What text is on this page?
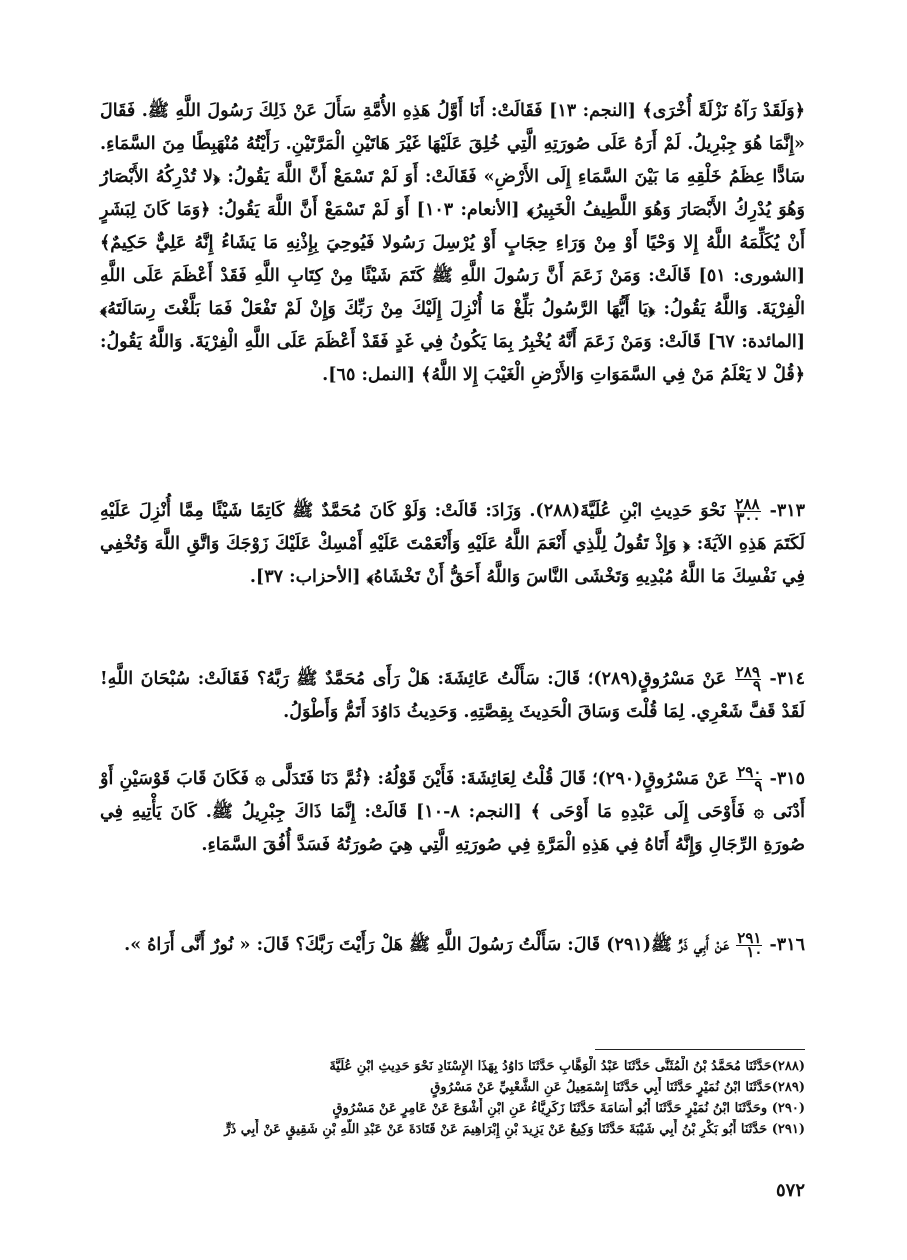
﴿وَلَقَدْ رَآهُ نَزْلَةً أُخْرَى﴾ [النجم: ١٣] فَقَالَتْ: أَنَا أَوَّلُ هَذِهِ الأُمَّةِ سَأَلَ عَنْ ذَلِكَ رَسُولَ اللَّهِ ﷺ. فَقَالَ «إِنَّمَا هُوَ جِبْرِيلُ. لَمْ أَرَهُ عَلَى صُورَتِهِ الَّتِي خُلِقَ عَلَيْهَا غَيْرَ هَاتَيْنِ الْمَرَّتَيْنِ. رَأَيْتُهُ مُنْهَبِطًا مِنَ السَّمَاءِ. سَادًّا عِظَمُ خَلْقِهِ مَا بَيْنَ السَّمَاءِ إِلَى الأَرْضِ» فَقَالَتْ: أَوَ لَمْ تَسْمَعْ أَنَّ اللَّهَ يَقُولُ: ﴿لا تُدْرِكُهُ الأَبْصَارُ وَهُوَ يُدْرِكُ الأَبْصَارَ وَهُوَ اللَّطِيفُ الْخَبِيرُ﴾ [الأنعام: ١٠٣] أَوَ لَمْ تَسْمَعْ أَنَّ اللَّهَ يَقُولُ: ﴿وَمَا كَانَ لِبَشَرٍ أَنْ يُكَلِّمَهُ اللَّهُ إِلا وَحْيًا أَوْ مِنْ وَرَاءِ حِجَابٍ أَوْ يُرْسِلَ رَسُولا فَيُوحِيَ بِإِذْنِهِ مَا يَشَاءُ إِنَّهُ عَلِيٌّ حَكِيمٌ﴾ [الشورى: ٥١] قَالَتْ: وَمَنْ زَعَمَ أَنَّ رَسُولَ اللَّهِ ﷺ كَتَمَ شَيْئًا مِنْ كِتَابِ اللَّهِ فَقَدْ أَعْظَمَ عَلَى اللَّهِ الْفِرْيَةَ. وَاللَّهُ يَقُولُ: ﴿يَا أَيُّهَا الرَّسُولُ بَلِّغْ مَا أُنْزِلَ إِلَيْكَ مِنْ رَبِّكَ وَإِنْ لَمْ تَفْعَلْ فَمَا بَلَّغْتَ رِسَالَتَهُ﴾ [المائدة: ٦٧] قَالَتْ: وَمَنْ زَعَمَ أَنَّهُ يُخْبِرُ بِمَا يَكُونُ فِي غَدٍ فَقَدْ أَعْظَمَ عَلَى اللَّهِ الْفِرْيَةَ. وَاللَّهُ يَقُولُ: ﴿قُلْ لا يَعْلَمُ مَنْ فِي السَّمَوَاتِ وَالأَرْضِ الْغَيْبَ إِلا اللَّهُ﴾ [النمل: ٦٥].

٣١٣-
$\frac{٢٨٨}{٣٠٠}$
نَحْوَ حَدِيثِ ابْنِ عُلَيَّةَ(٢٨٨). وَزَادَ: قَالَتْ: وَلَوْ كَانَ مُحَمَّدٌ ﷺ كَاتِمًا شَيْئًا مِمَّا أُنْزِلَ عَلَيْهِ لَكَتَمَ هَذِهِ الآيَةَ: ﴿ وَإِذْ تَقُولُ لِلَّذِي أَنْعَمَ اللَّهُ عَلَيْهِ وَأَنْعَمْتَ عَلَيْهِ أَمْسِكْ عَلَيْكَ زَوْجَكَ وَاتَّقِ اللَّهَ وَتُخْفِي فِي نَفْسِكَ مَا اللَّهُ مُبْدِيهِ وَتَخْشَى النَّاسَ وَاللَّهُ أَحَقُّ أَنْ تَخْشَاهُ﴾ [الأحزاب: ٣٧].

٣١٤-
$\frac{٢٨٩}{٩}$
عَنْ مَسْرُوقٍ(٢٨٩)؛ قَالَ: سَأَلْتُ عَائِشَةَ: هَلْ رَأَى مُحَمَّدٌ ﷺ رَبَّهُ؟ فَقَالَتْ: سُبْحَانَ اللَّهِ! لَقَدْ قَفَّ شَعْرِي. لِمَا قُلْتَ وَسَاقَ الْحَدِيثَ بِقِصَّتِهِ. وَحَدِيثُ دَاوُدَ أَتَمُّ وَأَطْوَلُ.

٣١٥-
$\frac{٢٩٠}{٩}$
عَنْ مَسْرُوقٍ(٢٩٠)؛ قَالَ قُلْتُ لِعَائِشَةَ: فَأَيْنَ قَوْلُهُ: ﴿ثُمَّ دَنَا فَتَدَلَّى ۞ فَكَانَ قَابَ قَوْسَيْنِ أَوْ أَدْنَى ۞ فَأَوْحَى إِلَى عَبْدِهِ مَا أَوْحَى ﴾ [النجم: ٨-١٠] قَالَتْ: إِنَّمَا ذَاكَ جِبْرِيلُ ﷺ. كَانَ يَأْتِيهِ فِي صُورَةِ الرِّجَالِ وَإِنَّهُ أَتَاهُ فِي هَذِهِ الْمَرَّةِ فِي صُورَتِهِ الَّتِي هِيَ صُورَتُهُ فَسَدَّ أُفُقَ السَّمَاءِ.

٣١٦-
$\frac{٢٩١}{١٠}$
عَنْ أَبِي ذَرٍّ ﷺ(٢٩١) قَالَ: سَأَلْتُ رَسُولَ اللَّهِ ﷺ هَلْ رَأَيْتَ رَبَّكَ؟ قَالَ: « نُورٌ أَنَّى أَرَاهُ ».

(٢٨٨)حَدَّثَنَا مُحَمَّدُ بْنُ الْمُثَنَّى حَدَّثَنَا عَبْدُ الْوَهَّابِ حَدَّثَنَا دَاوُدُ بِهَذَا الإِسْنَادِ نَحْوَ حَدِيثِ ابْنِ عُلَيَّةَ

(٢٨٩)حَدَّثَنَا ابْنُ نُمَيْرٍ حَدَّثَنَا أَبِي حَدَّثَنَا إِسْمَعِيلُ عَنِ الشَّعْبِيِّ عَنْ مَسْرُوقٍ

(٢٩٠) وحَدَّثَنَا ابْنُ نُمَيْرٍ حَدَّثَنَا أَبُو أُسَامَةَ حَدَّثَنَا زَكَرِيَّاءُ عَنِ ابْنِ أَشْوَعَ عَنْ عَامِرٍ عَنْ مَسْرُوقٍ

(٢٩١) حَدَّثَنَا أَبُو بَكْرِ بْنُ أَبِي شَيْبَةَ حَدَّثَنَا وَكِيعٌ عَنْ يَزِيدَ بْنِ إِبْرَاهِيمَ عَنْ قَتَادَةَ عَنْ عَبْدِ اللَّهِ بْنِ شَقِيقٍ عَنْ أَبِي ذَرٍّ

٥٧٢
